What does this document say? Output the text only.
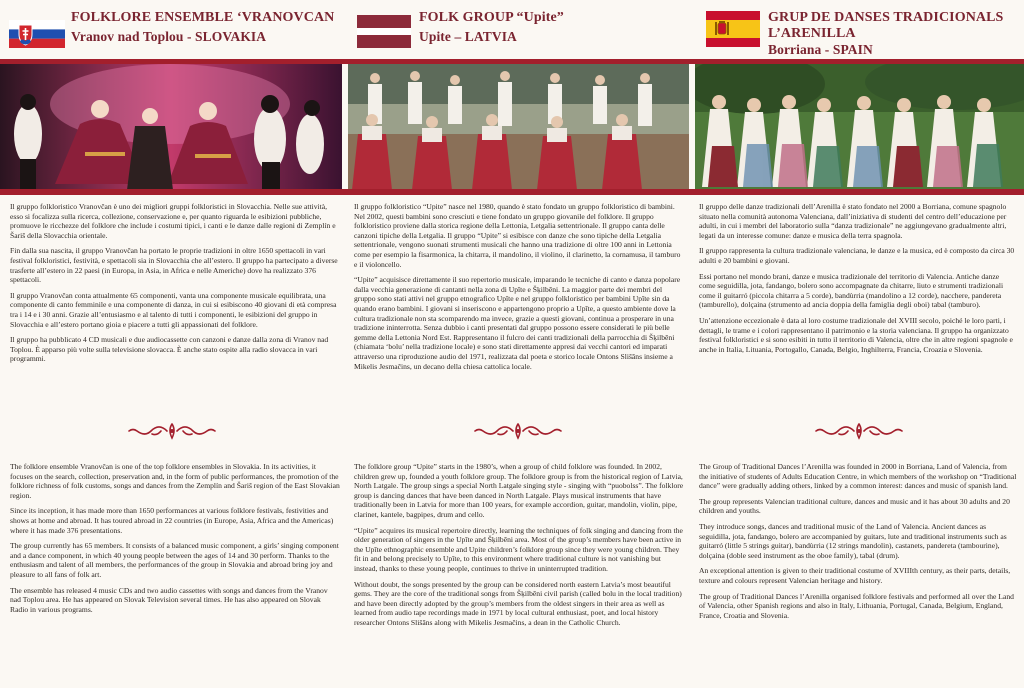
FOLKLORE ENSEMBLE ‘VRANOVCAN
Vranov nad Toplou - SLOVAKIA
FOLK GROUP “Upite”
Upite – LATVIA
GRUP DE DANSES TRADICIONALS
L’ARENILLA
Borriana - SPAIN

Il gruppo folkloristico Vranovčan è uno dei migliori gruppi folkloristici in Slovacchia. Nelle sue attività, esso si focalizza sulla ricerca, collezione, conservazione e, per quanto riguarda le esibizioni pubbliche, promuove le ricchezze del folklore che include i costumi tipici, i canti e le danze dalle regioni di Zemplín e Šariš della Slovacchia orientale.

Fin dalla sua nascita, il gruppo Vranovčan ha portato le proprie tradizioni in oltre 1650 spettacoli in vari festival folkloristici, festività, e spettacoli sia in Slovacchia che all’estero. Il gruppo ha partecipato a diverse trasferte all’estero in 22 paesi (in Europa, in Asia, in Africa e nelle Americhe) dove ha realizzato 376 spettacoli.

Il gruppo Vranovčan conta attualmente 65 componenti, vanta una componente musicale equilibrata, una componente di canto femminile e una componente di danza, in cui si esibiscono 40 giovani di età compresa tra i 14 e i 30 anni. Grazie all’entusiasmo e al talento di tutti i componenti, le esibizioni del gruppo in Slovacchia e all’estero portano gioia e piacere a tutti gli appassionati del folklore.

Il gruppo ha pubblicato 4 CD musicali e due audiocassette con canzoni e danze dalla zona di Vranov nad Toplou. È apparso più volte sulla televisione slovacca. È anche stato ospite alla radio slovacca in vari programmi.

Il gruppo folkloristico “Upite” nasce nel 1980, quando è stato fondato un gruppo folkloristico di bambini. Nel 2002, questi bambini sono cresciuti e tiene fondato un gruppo giovanile del folklore. Il gruppo folkloristico proviene dalla storica regione della Lettonia, Letgalia settentrionale. Il gruppo canta delle canzoni tipiche della Letgalia. Il gruppo “Upite” si esibisce con danze che sono tipiche della Letgalia settentrionale, vengono suonati strumenti musicali che hanno una tradizione di oltre 100 anni in Lettonia come per esempio la fisarmonica, la chitarra, il mandolino, il violino, il clarinetto, la cornamusa, il tamburo e il violoncello.

“Upite” acquisisce direttamente il suo repertorio musicale, imparando le tecniche di canto e danza popolare dalla vecchia generazione di cantanti nella zona di Upīte e Šķilbēni. La maggior parte dei membri del gruppo sono stati attivi nel gruppo etnografico Upīte e nel gruppo folkloristico per bambini Upīte sin da quando erano bambini. I giovani si inseriscono e appartengono proprio a Upīte, a questo ambiente dove la cultura tradizionale non sta scomparendo ma invece, grazie a questi giovani, continua a prosperare in una tradizione ininterrotta. Senza dubbio i canti presentati dal gruppo possono essere considerati le più belle gemme della Lettonia Nord Est. Rappresentano il fulcro dei canti tradizionali della parrocchia di Šķilbēni (chiamata ‘bolu’ nella tradizione locale) e sono stati direttamente appresi dai vecchi cantori ed imparati attraverso una riproduzione audio del 1971, realizzata dal poeta e storico locale Ontons Slišāns insieme a Mikelis Jesmačins, un decano della chiesa cattolica locale.

Il gruppo delle danze tradizionali dell’Arenilla è stato fondato nel 2000 a Borriana, comune spagnolo situato nella comunità autonoma Valenciana, dall’iniziativa di studenti del centro dell’educazione per adulti, in cui i membri del laboratorio sulla “danza tradizionale” ne aggiungevano gradualmente altri, legati da un interesse comune: danze e musica della terra spagnola.

Il gruppo rappresenta la cultura tradizionale valenciana, le danze e la musica, ed è composto da circa 30 adulti e 20 bambini e giovani.

Essi portano nel mondo brani, danze e musica tradizionale del territorio di Valencia. Antiche danze come seguidilla, jota, fandango, bolero sono accompagnate da chitarre, liuto e strumenti tradizionali come il guitarró (piccola chitarra a 5 corde), bandùrria (mandolino a 12 corde), nacchere, pandereta (tamburello), dolçaina (strumento ad ancia doppia della famiglia degli oboi) tabal (tamburo).

Un’attenzione eccezionale è data al loro costume tradizionale del XVIII secolo, poiché le loro parti, i dettagli, le trame e i colori rappresentano il patrimonio e la storia valenciana. Il gruppo ha organizzato festival folkloristici e si sono esibiti in tutto il territorio di Valencia, oltre che in altre regioni spagnole e anche in Italia, Lituania, Portogallo, Canada, Belgio, Inghilterra, Francia, Croazia e Slovenia.

The folklore ensemble Vranovčan is one of the top folklore ensembles in Slovakia. In its activities, it focuses on the search, collection, preservation and, in the form of public performances, the promotion of the folklore richness of folk customs, songs and dances from the Zemplín and Šariš region of the East Slovakian region.

Since its inception, it has made more than 1650 performances at various folklore festivals, festivities and shows at home and abroad. It has toured abroad in 22 countries (in Europe, Asia, Africa and the Americas) where it has made 376 presentations.

The group currently has 65 members. It consists of a balanced music component, a girls’ singing component and a dance component, in which 40 young people between the ages of 14 and 30 perform. Thanks to the enthusiasm and talent of all members, the performances of the group in Slovakia and abroad bring joy and pleasure to all fans of folk art.

The ensemble has released 4 music CDs and two audio cassettes with songs and dances from the Vranov nad Toplou area. He has appeared on Slovak Television several times. He has also appeared on Slovak Radio in various programs.

The folklore group “Upite” starts in the 1980’s, when a group of child folklore was founded. In 2002, children grew up, founded a youth folklore group. The folklore group is from the historical region of Latvia, North Latgale. The group sings a special North Latgale singing style - singing with “puobolss”. The folklore group is dancing dances that have been danced in North Latgale. Plays musical instruments that have traditionally been in Latvia for more than 100 years, for example accordion, guitar, mandolin, violin, pipe, clarinet, kantele, bagpipes, drum and cello.

“Upite” acquires its musical repertoire directly, learning the techniques of folk singing and dancing from the older generation of singers in the Upīte and Šķilbēni area. Most of the group’s members have been active in the Upīte ethnographic ensemble and Upite children’s folklore group since they were young children. They fit in and belong precisely to Upīte, to this environment where traditional culture is not vanishing but instead, thanks to these young people, continues to thrive in uninterrupted tradition.

Without doubt, the songs presented by the group can be considered north eastern Latvia’s most beautiful gems. They are the core of the traditional songs from Šķilbēni civil parish (called bolu in the local tradition) and have been directly adopted by the group’s members from the oldest singers in their area as well as learned from audio tape recordings made in 1971 by local cultural enthusiast, poet, and local history researcher Ontons Slišāns along with Mikelis Jesmačins, a dean in the Catholic Church.

The Group of Traditional Dances l’Arenilla was founded in 2000 in Borriana, Land of Valencia, from the initiative of students of Adults Education Centre, in which members of the workshop on “Traditional dance” were gradually adding others, linked by a common interest: dances and music of spanish land.

The group represents Valencian traditional culture, dances and music and it has about 30 adults and 20 children and youths.

They introduce songs, dances and traditional music of the Land of Valencia. Ancient dances as seguidilla, jota, fandango, bolero are accompanied by guitars, lute and traditional instruments such as guitarró (little 5 strings guitar), bandùrria (12 strings mandolin), castanets, pandereta (tambourine), dolçaina (doble seed instrument as the oboe family), tabal (drum).

An exceptional attention is given to their traditional costume of XVIIIth century, as their parts, details, texture and colours represent Valencian heritage and history.

The group of Traditional Dances l’Arenilla organised folklore festivals and performed all over the Land of Valencia, other Spanish regions and also in Italy, Lithuania, Portugal, Canada, Belgium, England, France, Croatia and Slovenia.
